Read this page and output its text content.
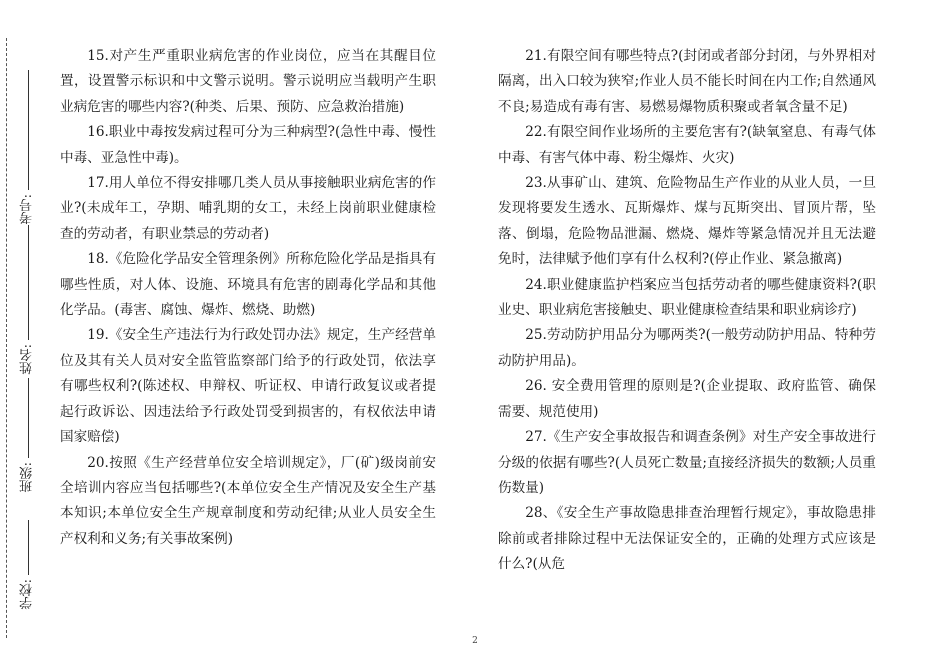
考号:
姓名:
班级:
学校:

15.对产生严重职业病危害的作业岗位，应当在其醒目位置，设置警示标识和中文警示说明。警示说明应当载明产生职业病危害的哪些内容?(种类、后果、预防、应急救治措施)

16.职业中毒按发病过程可分为三种病型?(急性中毒、慢性中毒、亚急性中毒)。

17.用人单位不得安排哪几类人员从事接触职业病危害的作业?(未成年工，孕期、哺乳期的女工，未经上岗前职业健康检查的劳动者，有职业禁忌的劳动者)

18.《危险化学品安全管理条例》所称危险化学品是指具有哪些性质，对人体、设施、环境具有危害的剧毒化学品和其他化学品。(毒害、腐蚀、爆炸、燃烧、助燃)

19.《安全生产违法行为行政处罚办法》规定，生产经营单位及其有关人员对安全监管监察部门给予的行政处罚，依法享有哪些权利?(陈述权、申辩权、听证权、申请行政复议或者提起行政诉讼、因违法给予行政处罚受到损害的，有权依法申请国家赔偿)

20.按照《生产经营单位安全培训规定》，厂(矿)级岗前安全培训内容应当包括哪些?(本单位安全生产情况及安全生产基本知识;本单位安全生产规章制度和劳动纪律;从业人员安全生产权利和义务;有关事故案例)

21.有限空间有哪些特点?(封闭或者部分封闭，与外界相对隔离，出入口较为狭窄;作业人员不能长时间在内工作;自然通风不良;易造成有毒有害、易燃易爆物质积聚或者氧含量不足)

22.有限空间作业场所的主要危害有?(缺氧窒息、有毒气体中毒、有害气体中毒、粉尘爆炸、火灾)

23.从事矿山、建筑、危险物品生产作业的从业人员，一旦发现将要发生透水、瓦斯爆炸、煤与瓦斯突出、冒顶片帮，坠落、倒塌，危险物品泄漏、燃烧、爆炸等紧急情况并且无法避免时，法律赋予他们享有什么权利?(停止作业、紧急撤离)

24.职业健康监护档案应当包括劳动者的哪些健康资料?(职业史、职业病危害接触史、职业健康检查结果和职业病诊疗)

25.劳动防护用品分为哪两类?(一般劳动防护用品、特种劳动防护用品)。

26. 安全费用管理的原则是?(企业提取、政府监管、确保需要、规范使用)

27.《生产安全事故报告和调查条例》对生产安全事故进行分级的依据有哪些?(人员死亡数量;直接经济损失的数额;人员重伤数量)

28、《安全生产事故隐患排查治理暂行规定》，事故隐患排除前或者排除过程中无法保证安全的，正确的处理方式应该是什么?(从危

2
